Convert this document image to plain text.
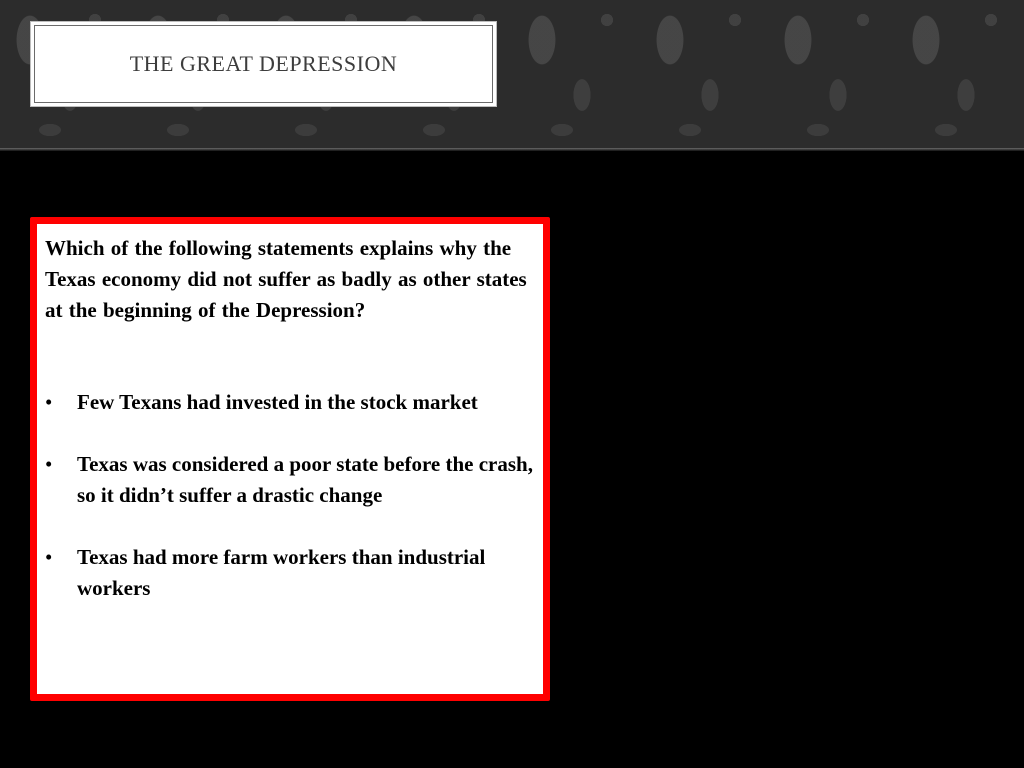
THE GREAT DEPRESSION

Which of the following statements explains why the Texas economy did not suffer as badly as other states at the beginning of the Depression?

• Few Texans had invested in the stock market
• Texas was considered a poor state before the crash, so it didn’t suffer a drastic change
• Texas had more farm workers than industrial workers
